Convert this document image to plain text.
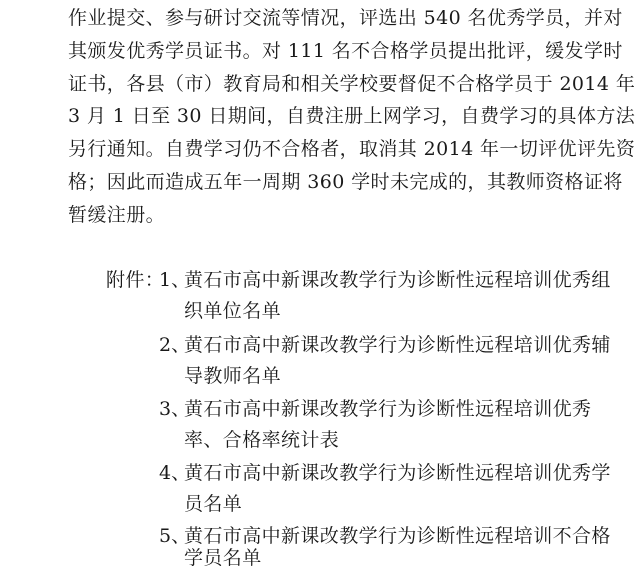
作业提交、参与研讨交流等情况，评选出 540 名优秀学员，并对
其颁发优秀学员证书。对 111 名不合格学员提出批评，缓发学时
证书，各县（市）教育局和相关学校要督促不合格学员于 2014 年
3 月 1 日至 30 日期间，自费注册上网学习，自费学习的具体方法
另行通知。自费学习仍不合格者，取消其 2014 年一切评优评先资
格；因此而造成五年一周期 360 学时未完成的，其教师资格证将
暂缓注册。
附件：
1、
黄石市高中新课改教学行为诊断性远程培训优秀组
织单位名单
2、
黄石市高中新课改教学行为诊断性远程培训优秀辅
导教师名单
3、
黄石市高中新课改教学行为诊断性远程培训优秀
率、合格率统计表
4、
黄石市高中新课改教学行为诊断性远程培训优秀学
员名单
5、
黄石市高中新课改教学行为诊断性远程培训不合格
学员名单
